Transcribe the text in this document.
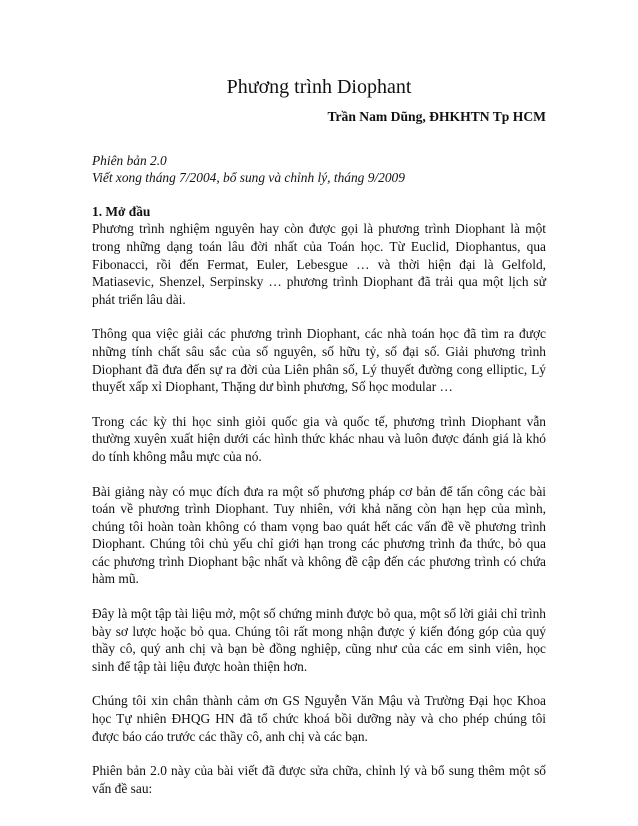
Phương trình Diophant

Trần Nam Dũng, ĐHKHTN Tp HCM

Phiên bản 2.0

Viết xong tháng 7/2004, bổ sung và chỉnh lý, tháng 9/2009

1. Mở đầu

Phương trình nghiệm nguyên hay còn được gọi là phương trình Diophant là một trong những dạng toán lâu đời nhất của Toán học. Từ Euclid, Diophantus, qua Fibonacci, rồi đến Fermat, Euler, Lebesgue … và thời hiện đại là Gelfold, Matiasevic, Shenzel, Serpinsky … phương trình Diophant đã trải qua một lịch sử phát triển lâu dài.

Thông qua việc giải các phương trình Diophant, các nhà toán học đã tìm ra được những tính chất sâu sắc của số nguyên, số hữu tỷ, số đại số. Giải phương trình Diophant đã đưa đến sự ra đời của Liên phân số, Lý thuyết đường cong elliptic, Lý thuyết xấp xỉ Diophant, Thặng dư bình phương, Số học modular …

Trong các kỳ thi học sinh giỏi quốc gia và quốc tế, phương trình Diophant vẫn thường xuyên xuất hiện dưới các hình thức khác nhau và luôn được đánh giá là khó do tính không mẫu mực của nó.

Bài giảng này có mục đích đưa ra một số phương pháp cơ bản để tấn công các bài toán về phương trình Diophant. Tuy nhiên, với khả năng còn hạn hẹp của mình, chúng tôi hoàn toàn không có tham vọng bao quát hết các vấn đề về phương trình Diophant. Chúng tôi chủ yếu chỉ giới hạn trong các phương trình đa thức, bỏ qua các phương trình Diophant bậc nhất và không đề cập đến các phương trình có chứa hàm mũ.

Đây là một tập tài liệu mở, một số chứng minh được bỏ qua, một số lời giải chỉ trình bày sơ lược hoặc bỏ qua. Chúng tôi rất mong nhận được ý kiến đóng góp của quý thầy cô, quý anh chị và bạn bè đồng nghiệp, cũng như của các em sinh viên, học sinh để tập tài liệu được hoàn thiện hơn.

Chúng tôi xin chân thành cảm ơn GS Nguyễn Văn Mậu và Trường Đại học Khoa học Tự nhiên ĐHQG HN đã tổ chức khoá bồi dưỡng này và cho phép chúng tôi được báo cáo trước các thầy cô, anh chị và các bạn.

Phiên bản 2.0 này của bài viết đã được sửa chữa, chỉnh lý và bổ sung thêm một số vấn đề sau:
